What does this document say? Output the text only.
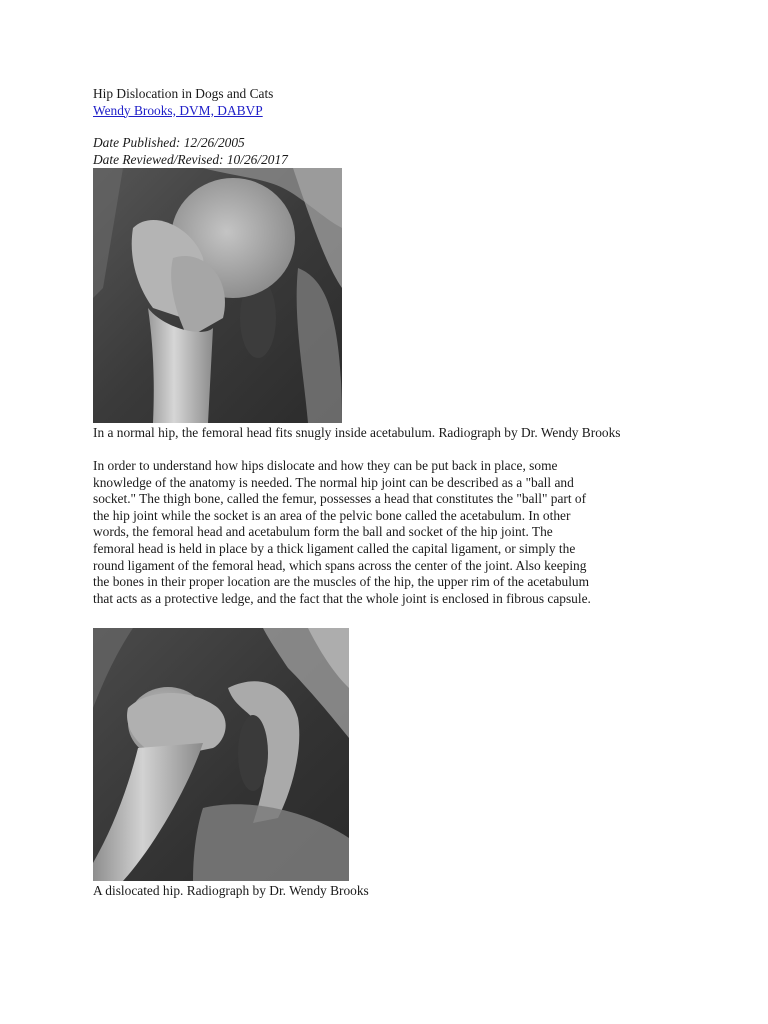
Hip Dislocation in Dogs and Cats
Wendy Brooks, DVM, DABVP
Date Published: 12/26/2005
Date Reviewed/Revised: 10/26/2017
In a normal hip, the femoral head fits snugly inside acetabulum. Radiograph by Dr. Wendy Brooks
In order to understand how hips dislocate and how they can be put back in place, some
knowledge of the anatomy is needed. The normal hip joint can be described as a "ball and
socket." The thigh bone, called the femur, possesses a head that constitutes the "ball" part of
the hip joint while the socket is an area of the pelvic bone called the acetabulum. In other
words, the femoral head and acetabulum form the ball and socket of the hip joint. The
femoral head is held in place by a thick ligament called the capital ligament, or simply the
round ligament of the femoral head, which spans across the center of the joint. Also keeping
the bones in their proper location are the muscles of the hip, the upper rim of the acetabulum
that acts as a protective ledge, and the fact that the whole joint is enclosed in fibrous capsule.
A dislocated hip. Radiograph by Dr. Wendy Brooks
